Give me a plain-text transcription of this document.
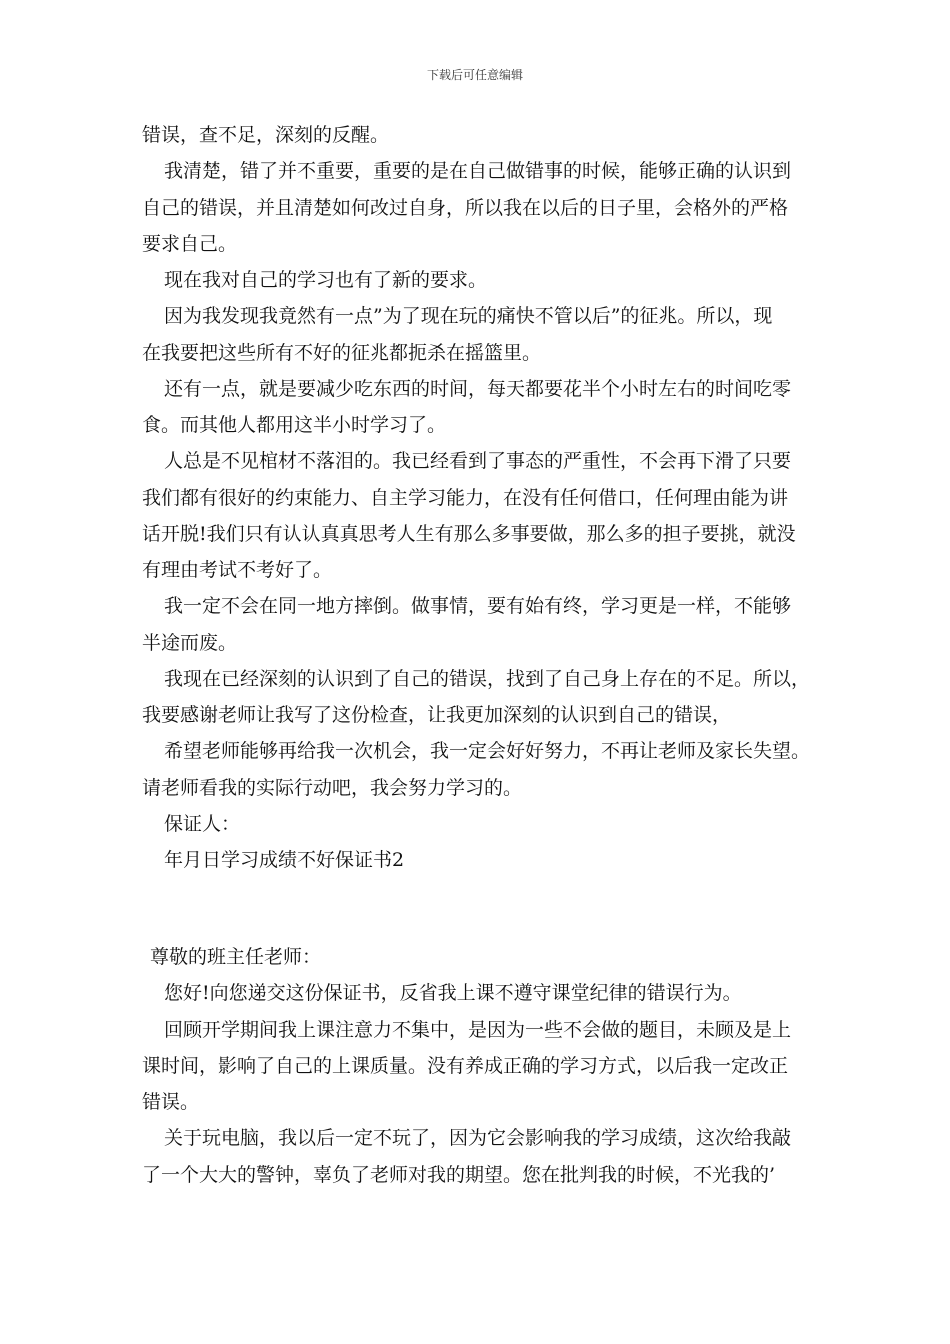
下载后可任意编辑
错误，查不足，深刻的反醒。
我清楚，错了并不重要，重要的是在自己做错事的时候，能够正确的认识到
自己的错误，并且清楚如何改过自身，所以我在以后的日子里，会格外的严格
要求自己。
现在我对自己的学习也有了新的要求。
因为我发现我竟然有一点”为了现在玩的痛快不管以后”的征兆。所以，现
在我要把这些所有不好的征兆都扼杀在摇篮里。
还有一点，就是要减少吃东西的时间，每天都要花半个小时左右的时间吃零
食。而其他人都用这半小时学习了。
人总是不见棺材不落泪的。我已经看到了事态的严重性，不会再下滑了只要
我们都有很好的约束能力、自主学习能力，在没有任何借口，任何理由能为讲
话开脱!我们只有认认真真思考人生有那么多事要做，那么多的担子要挑，就没
有理由考试不考好了。
我一定不会在同一地方摔倒。做事情，要有始有终，学习更是一样，不能够
半途而废。
我现在已经深刻的认识到了自己的错误，找到了自己身上存在的不足。所以，
我要感谢老师让我写了这份检查，让我更加深刻的认识到自己的错误，
希望老师能够再给我一次机会，我一定会好好努力，不再让老师及家长失望。
请老师看我的实际行动吧，我会努力学习的。
保证人：
年月日学习成绩不好保证书2
尊敬的班主任老师：
您好!向您递交这份保证书，反省我上课不遵守课堂纪律的错误行为。
回顾开学期间我上课注意力不集中，是因为一些不会做的题目，未顾及是上
课时间，影响了自己的上课质量。没有养成正确的学习方式，以后我一定改正
错误。
关于玩电脑，我以后一定不玩了，因为它会影响我的学习成绩，这次给我敲
了一个大大的警钟，辜负了老师对我的期望。您在批判我的时候，不光我的’
